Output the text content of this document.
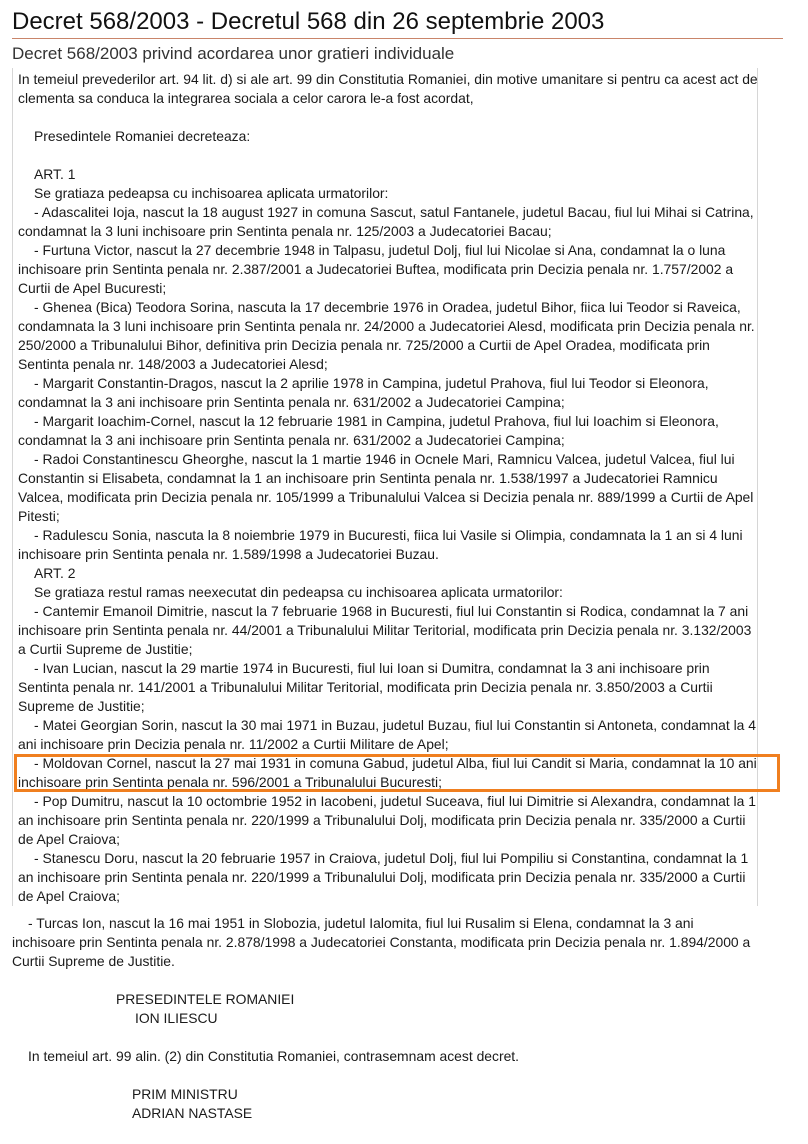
Decret 568/2003 - Decretul 568 din 26 septembrie 2003
Decret 568/2003 privind acordarea unor gratieri individuale

In temeiul prevederilor art. 94 lit. d) si ale art. 99 din Constitutia Romaniei, din motive umanitare si pentru ca acest act de clementa sa conduca la integrarea sociala a celor carora le-a fost acordat,

Presedintele Romaniei decreteaza:

ART. 1

Se gratiaza pedeapsa cu inchisoarea aplicata urmatorilor:

- Adascalitei Ioja, nascut la 18 august 1927 in comuna Sascut, satul Fantanele, judetul Bacau, fiul lui Mihai si Catrina, condamnat la 3 luni inchisoare prin Sentinta penala nr. 125/2003 a Judecatoriei Bacau;

- Furtuna Victor, nascut la 27 decembrie 1948 in Talpasu, judetul Dolj, fiul lui Nicolae si Ana, condamnat la o luna inchisoare prin Sentinta penala nr. 2.387/2001 a Judecatoriei Buftea, modificata prin Decizia penala nr. 1.757/2002 a Curtii de Apel Bucuresti;

- Ghenea (Bica) Teodora Sorina, nascuta la 17 decembrie 1976 in Oradea, judetul Bihor, fiica lui Teodor si Raveica, condamnata la 3 luni inchisoare prin Sentinta penala nr. 24/2000 a Judecatoriei Alesd, modificata prin Decizia penala nr. 250/2000 a Tribunalului Bihor, definitiva prin Decizia penala nr. 725/2000 a Curtii de Apel Oradea, modificata prin Sentinta penala nr. 148/2003 a Judecatoriei Alesd;

- Margarit Constantin-Dragos, nascut la 2 aprilie 1978 in Campina, judetul Prahova, fiul lui Teodor si Eleonora, condamnat la 3 ani inchisoare prin Sentinta penala nr. 631/2002 a Judecatoriei Campina;

- Margarit Ioachim-Cornel, nascut la 12 februarie 1981 in Campina, judetul Prahova, fiul lui Ioachim si Eleonora, condamnat la 3 ani inchisoare prin Sentinta penala nr. 631/2002 a Judecatoriei Campina;

- Radoi Constantinescu Gheorghe, nascut la 1 martie 1946 in Ocnele Mari, Ramnicu Valcea, judetul Valcea, fiul lui Constantin si Elisabeta, condamnat la 1 an inchisoare prin Sentinta penala nr. 1.538/1997 a Judecatoriei Ramnicu Valcea, modificata prin Decizia penala nr. 105/1999 a Tribunalului Valcea si Decizia penala nr. 889/1999 a Curtii de Apel Pitesti;

- Radulescu Sonia, nascuta la 8 noiembrie 1979 in Bucuresti, fiica lui Vasile si Olimpia, condamnata la 1 an si 4 luni inchisoare prin Sentinta penala nr. 1.589/1998 a Judecatoriei Buzau.

ART. 2

Se gratiaza restul ramas neexecutat din pedeapsa cu inchisoarea aplicata urmatorilor:

- Cantemir Emanoil Dimitrie, nascut la 7 februarie 1968 in Bucuresti, fiul lui Constantin si Rodica, condamnat la 7 ani inchisoare prin Sentinta penala nr. 44/2001 a Tribunalului Militar Teritorial, modificata prin Decizia penala nr. 3.132/2003 a Curtii Supreme de Justitie;

- Ivan Lucian, nascut la 29 martie 1974 in Bucuresti, fiul lui Ioan si Dumitra, condamnat la 3 ani inchisoare prin Sentinta penala nr. 141/2001 a Tribunalului Militar Teritorial, modificata prin Decizia penala nr. 3.850/2003 a Curtii Supreme de Justitie;

- Matei Georgian Sorin, nascut la 30 mai 1971 in Buzau, judetul Buzau, fiul lui Constantin si Antoneta, condamnat la 4 ani inchisoare prin Decizia penala nr. 11/2002 a Curtii Militare de Apel;

- Moldovan Cornel, nascut la 27 mai 1931 in comuna Gabud, judetul Alba, fiul lui Candit si Maria, condamnat la 10 ani inchisoare prin Sentinta penala nr. 596/2001 a Tribunalului Bucuresti;

- Pop Dumitru, nascut la 10 octombrie 1952 in Iacobeni, judetul Suceava, fiul lui Dimitrie si Alexandra, condamnat la 1 an inchisoare prin Sentinta penala nr. 220/1999 a Tribunalului Dolj, modificata prin Decizia penala nr. 335/2000 a Curtii de Apel Craiova;

- Stanescu Doru, nascut la 20 februarie 1957 in Craiova, judetul Dolj, fiul lui Pompiliu si Constantina, condamnat la 1 an inchisoare prin Sentinta penala nr. 220/1999 a Tribunalului Dolj, modificata prin Decizia penala nr. 335/2000 a Curtii de Apel Craiova;

- Turcas Ion, nascut la 16 mai 1951 in Slobozia, judetul Ialomita, fiul lui Rusalim si Elena, condamnat la 3 ani inchisoare prin Sentinta penala nr. 2.878/1998 a Judecatoriei Constanta, modificata prin Decizia penala nr. 1.894/2000 a Curtii Supreme de Justitie.

PRESEDINTELE ROMANIEI
ION ILIESCU
In temeiul art. 99 alin. (2) din Constitutia Romaniei, contrasemnam acest decret.
PRIM MINISTRU
ADRIAN NASTASE
